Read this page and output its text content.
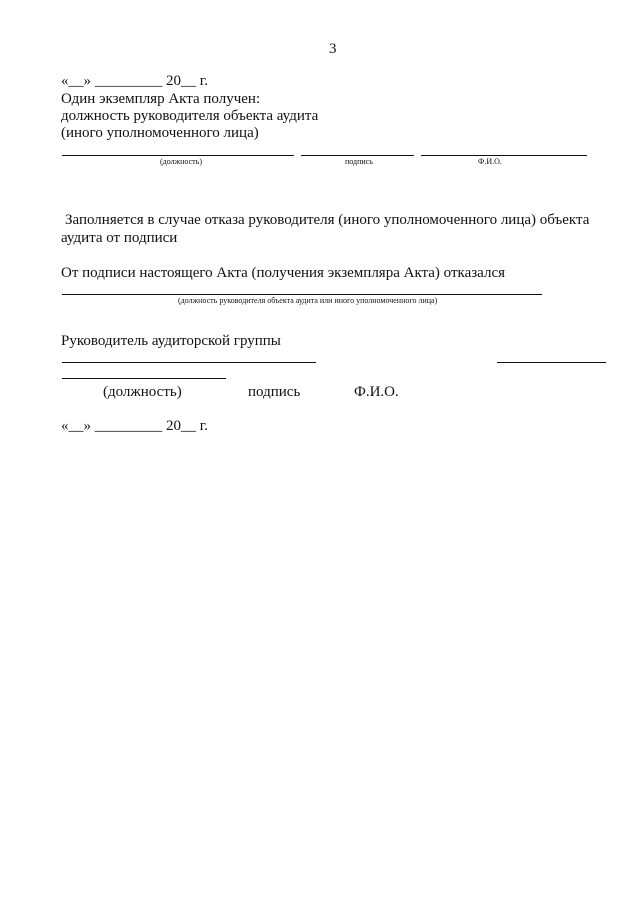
3
«__» _________ 20__ г.
Один экземпляр Акта получен:
должность руководителя объекта аудита
(иного уполномоченного лица)
(должность)	подпись	Ф.И.О.
Заполняется в случае отказа руководителя (иного уполномоченного лица) объекта
аудита от подписи
От подписи настоящего Акта (получения экземпляра Акта) отказался
(должность руководителя объекта аудита или иного уполномоченного лица)
Руководитель аудиторской группы
(должность)	подпись	Ф.И.О.
«__» _________ 20__ г.
